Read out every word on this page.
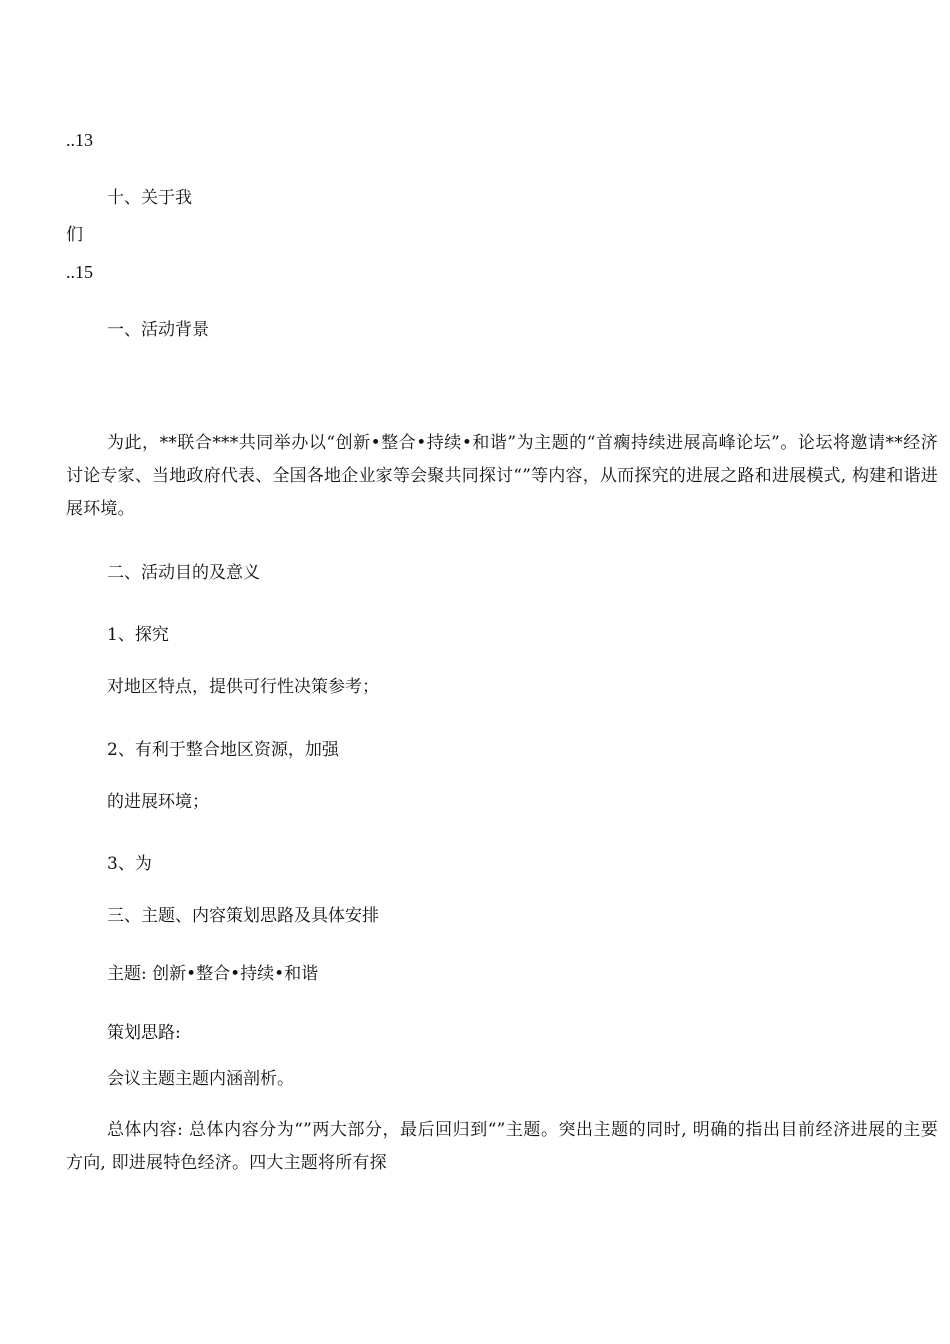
..13
十、关于我
们
..15
一、活动背景
为此，**联合***共同举办以“创新•整合•持续•和谐”为主题的“首瘸持续进展高峰论坛”。论坛将邀请**经济讨论专家、当地政府代表、全国各地企业家等会聚共同探讨“”等内容，从而探究的进展之路和进展模式, 构建和谐进展环境。
二、活动目的及意义
1、探究
对地区特点，提供可行性决策参考；
2、有利于整合地区资源，加强
的进展环境；
3、为
三、主题、内容策划思路及具体安排
主题: 创新•整合•持续•和谐
策划思路:
会议主题主题内涵剖析。
总体内容: 总体内容分为“”两大部分，最后回归到“”主题。突出主题的同时, 明确的指出目前经济进展的主要方向, 即进展特色经济。四大主题将所有探
